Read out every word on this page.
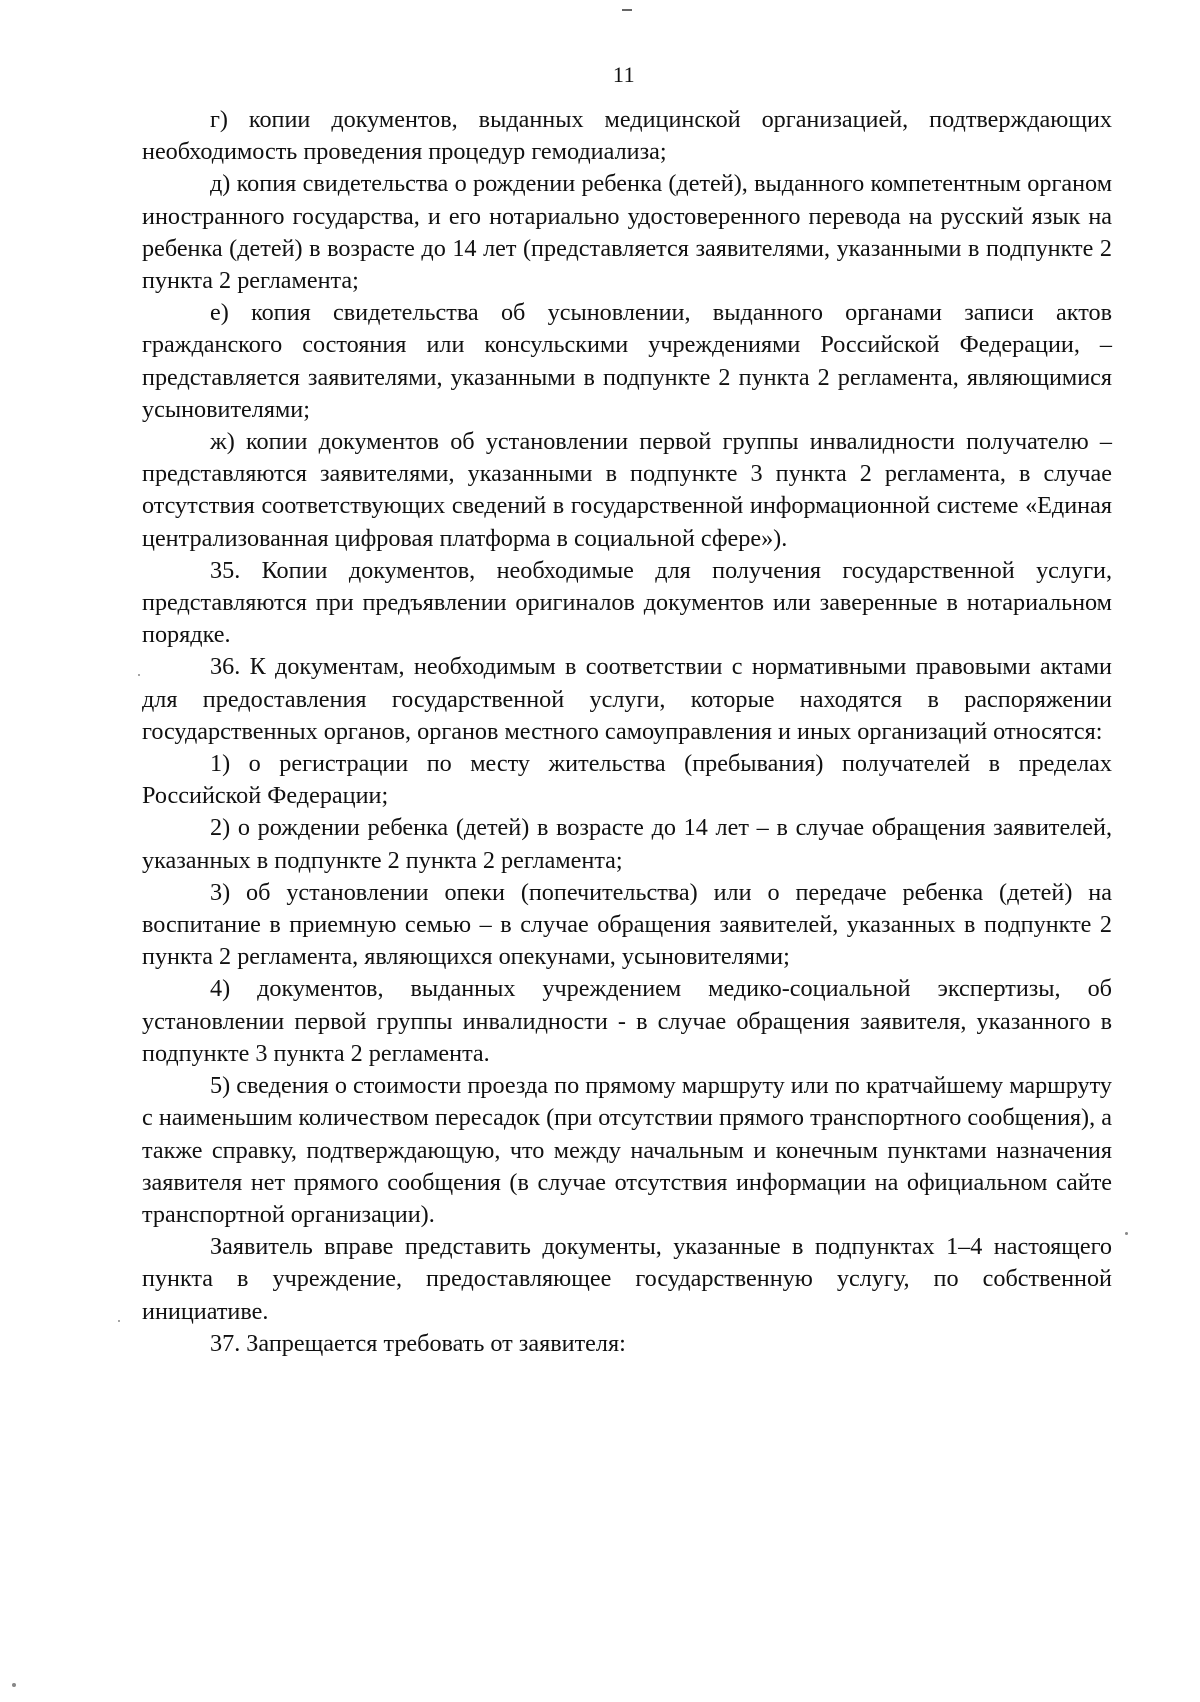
11

г) копии документов, выданных медицинской организацией, подтверждающих необходимость проведения процедур гемодиализа;

д) копия свидетельства о рождении ребенка (детей), выданного компетентным органом иностранного государства, и его нотариально удостоверенного перевода на русский язык на ребенка (детей) в возрасте до 14 лет (представляется заявителями, указанными в подпункте 2 пункта 2 регламента;

е) копия свидетельства об усыновлении, выданного органами записи актов гражданского состояния или консульскими учреждениями Российской Федерации, – представляется заявителями, указанными в подпункте 2 пункта 2 регламента, являющимися усыновителями;

ж) копии документов об установлении первой группы инвалидности получателю – представляются заявителями, указанными в подпункте 3 пункта 2 регламента, в случае отсутствия соответствующих сведений в государственной информационной системе «Единая централизованная цифровая платформа в социальной сфере»).

35. Копии документов, необходимые для получения государственной услуги, представляются при предъявлении оригиналов документов или заверенные в нотариальном порядке.

36. К документам, необходимым в соответствии с нормативными правовыми актами для предоставления государственной услуги, которые находятся в распоряжении государственных органов, органов местного самоуправления и иных организаций относятся:

1) о регистрации по месту жительства (пребывания) получателей в пределах Российской Федерации;

2) о рождении ребенка (детей) в возрасте до 14 лет – в случае обращения заявителей, указанных в подпункте 2 пункта 2 регламента;

3) об установлении опеки (попечительства) или о передаче ребенка (детей) на воспитание в приемную семью – в случае обращения заявителей, указанных в подпункте 2 пункта 2 регламента, являющихся опекунами, усыновителями;

4) документов, выданных учреждением медико-социальной экспертизы, об установлении первой группы инвалидности - в случае обращения заявителя, указанного в подпункте 3 пункта 2 регламента.

5) сведения о стоимости проезда по прямому маршруту или по кратчайшему маршруту с наименьшим количеством пересадок (при отсутствии прямого транспортного сообщения), а также справку, подтверждающую, что между начальным и конечным пунктами назначения заявителя нет прямого сообщения (в случае отсутствия информации на официальном сайте транспортной организации).

Заявитель вправе представить документы, указанные в подпунктах 1–4 настоящего пункта в учреждение, предоставляющее государственную услугу, по собственной инициативе.

37. Запрещается требовать от заявителя:
